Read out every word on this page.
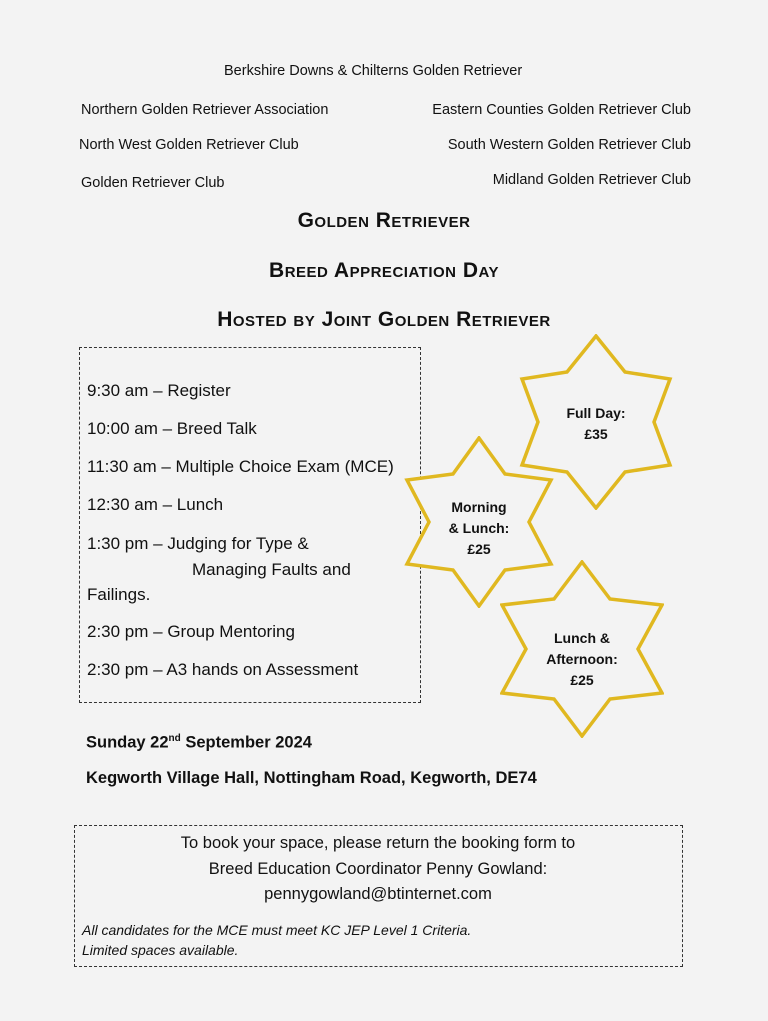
Berkshire Downs & Chilterns Golden Retriever
Northern Golden Retriever Association
North West Golden Retriever Club
Golden Retriever Club
Eastern Counties Golden Retriever Club
South Western Golden Retriever Club
Midland Golden Retriever Club
Golden Retriever
Breed Appreciation Day
Hosted by Joint Golden Retriever
9:30 am – Register
10:00 am – Breed Talk
11:30 am – Multiple Choice Exam (MCE)
12:30 am – Lunch
1:30 pm – Judging for Type &
Managing Faults and
Failings.
2:30 pm – Group Mentoring
2:30 pm – A3 hands on Assessment
Full Day:
£35
Morning
& Lunch:
£25
Lunch &
Afternoon:
£25
Sunday 22nd September 2024
Kegworth Village Hall, Nottingham Road, Kegworth, DE74
To book your space, please return the booking form to
Breed Education Coordinator Penny Gowland:
pennygowland@btinternet.com
All candidates for the MCE must meet KC JEP Level 1 Criteria.
Limited spaces available.
